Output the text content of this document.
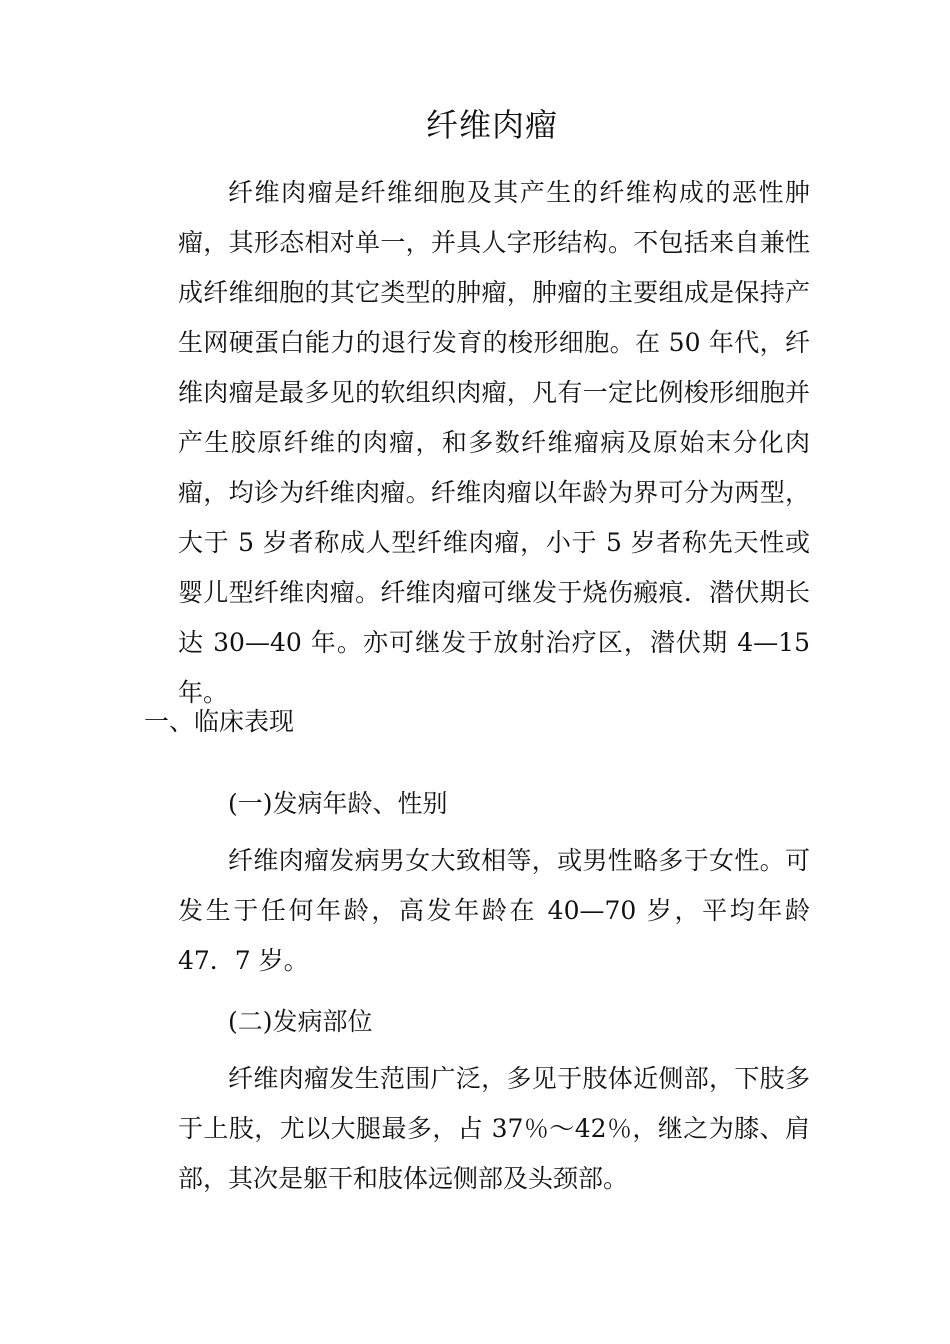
纤维肉瘤

纤维肉瘤是纤维细胞及其产生的纤维构成的恶性肿瘤，其形态相对单一，并具人字形结构。不包括来自兼性成纤维细胞的其它类型的肿瘤，肿瘤的主要组成是保持产生网硬蛋白能力的退行发育的梭形细胞。在 50 年代，纤维肉瘤是最多见的软组织肉瘤，凡有一定比例梭形细胞并产生胶原纤维的肉瘤，和多数纤维瘤病及原始末分化肉瘤，均诊为纤维肉瘤。纤维肉瘤以年龄为界可分为两型，大于 5 岁者称成人型纤维肉瘤，小于 5 岁者称先天性或婴儿型纤维肉瘤。纤维肉瘤可继发于烧伤瘢痕．潜伏期长达 30—40 年。亦可继发于放射治疗区，潜伏期 4—15 年。

一、临床表现
(一)发病年龄、性别

纤维肉瘤发病男女大致相等，或男性略多于女性。可发生于任何年龄，高发年龄在 40—70 岁，平均年龄 47．7 岁。

(二)发病部位

纤维肉瘤发生范围广泛，多见于肢体近侧部，下肢多于上肢，尤以大腿最多，占 37％～42％，继之为膝、肩部，其次是躯干和肢体远侧部及头颈部。
